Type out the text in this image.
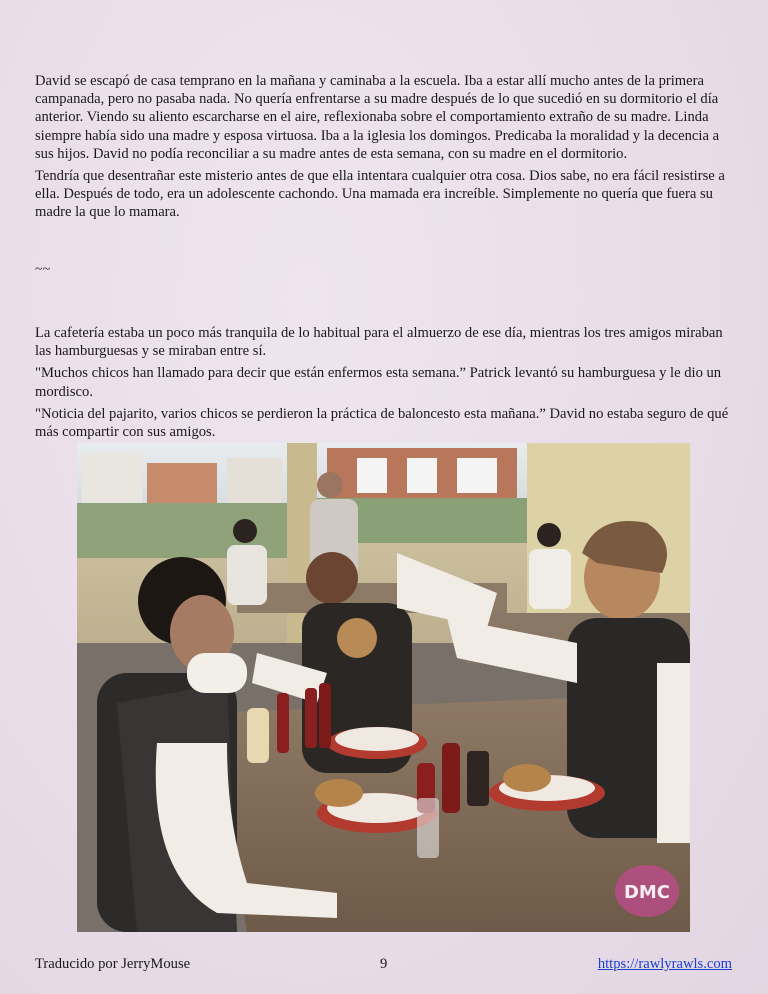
David se escapó de casa temprano en la mañana y caminaba a la escuela. Iba a estar allí mucho antes de la primera campanada, pero no pasaba nada. No quería enfrentarse a su madre después de lo que sucedió en su dormitorio el día anterior. Viendo su aliento escarcharse en el aire, reflexionaba sobre el comportamiento extraño de su madre. Linda siempre había sido una madre y esposa virtuosa. Iba a la iglesia los domingos. Predicaba la moralidad y la decencia a sus hijos. David no podía reconciliar a su madre antes de esta semana, con su madre en el dormitorio.

Tendría que desentrañar este misterio antes de que ella intentara cualquier otra cosa. Dios sabe, no era fácil resistirse a ella. Después de todo, era un adolescente cachondo. Una mamada era increíble. Simplemente no quería que fuera su madre la que lo mamara.

~~

La cafetería estaba un poco más tranquila de lo habitual para el almuerzo de ese día, mientras los tres amigos miraban las hamburguesas y se miraban entre sí.

"Muchos chicos han llamado para decir que están enfermos esta semana.” Patrick levantó su hamburguesa y le dio un mordisco.

"Noticia del pajarito, varios chicos se perdieron la práctica de baloncesto esta mañana.” David no estaba seguro de qué más compartir con sus amigos.

DMC
Traducido por JerryMouse	9	https://rawlyrawls.com
